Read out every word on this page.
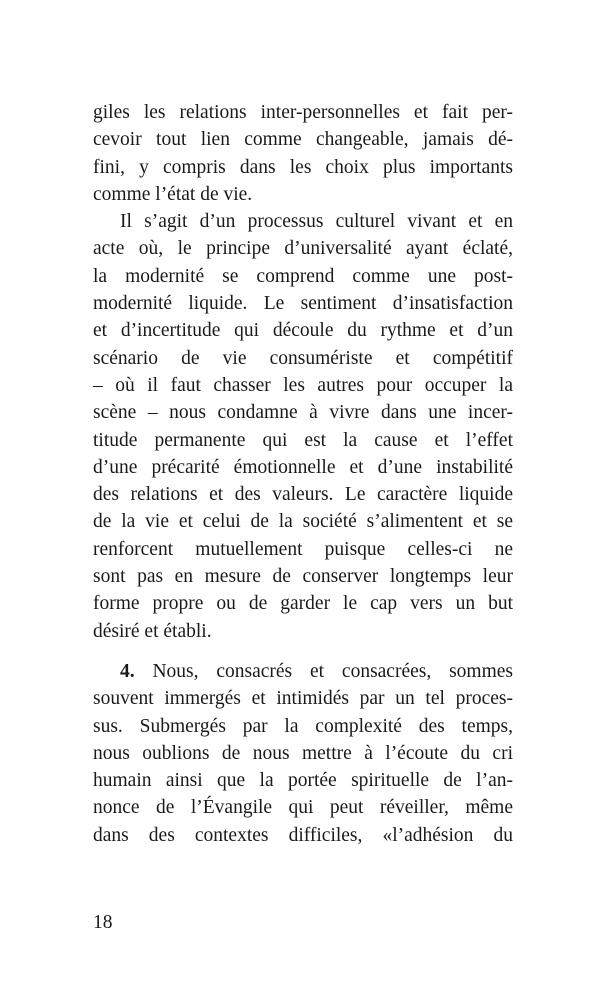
giles les relations inter-personnelles et fait per-
cevoir tout lien comme changeable, jamais dé-
fini, y compris dans les choix plus importants
comme l’état de vie.
Il s’agit d’un processus culturel vivant et en
acte où, le principe d’universalité ayant éclaté,
la modernité se comprend comme une post-
modernité liquide. Le sentiment d’insatisfaction
et d’incertitude qui découle du rythme et d’un
scénario de vie consumériste et compétitif
– où il faut chasser les autres pour occuper la
scène – nous condamne à vivre dans une incer-
titude permanente qui est la cause et l’effet
d’une précarité émotionnelle et d’une instabilité
des relations et des valeurs. Le caractère liquide
de la vie et celui de la société s’alimentent et se
renforcent mutuellement puisque celles-ci ne
sont pas en mesure de conserver longtemps leur
forme propre ou de garder le cap vers un but
désiré et établi.
4. Nous, consacrés et consacrées, sommes
souvent immergés et intimidés par un tel proces-
sus. Submergés par la complexité des temps,
nous oublions de nous mettre à l’écoute du cri
humain ainsi que la portée spirituelle de l’an-
nonce de l’Évangile qui peut réveiller, même
dans des contextes difficiles, «l’adhésion du
18
